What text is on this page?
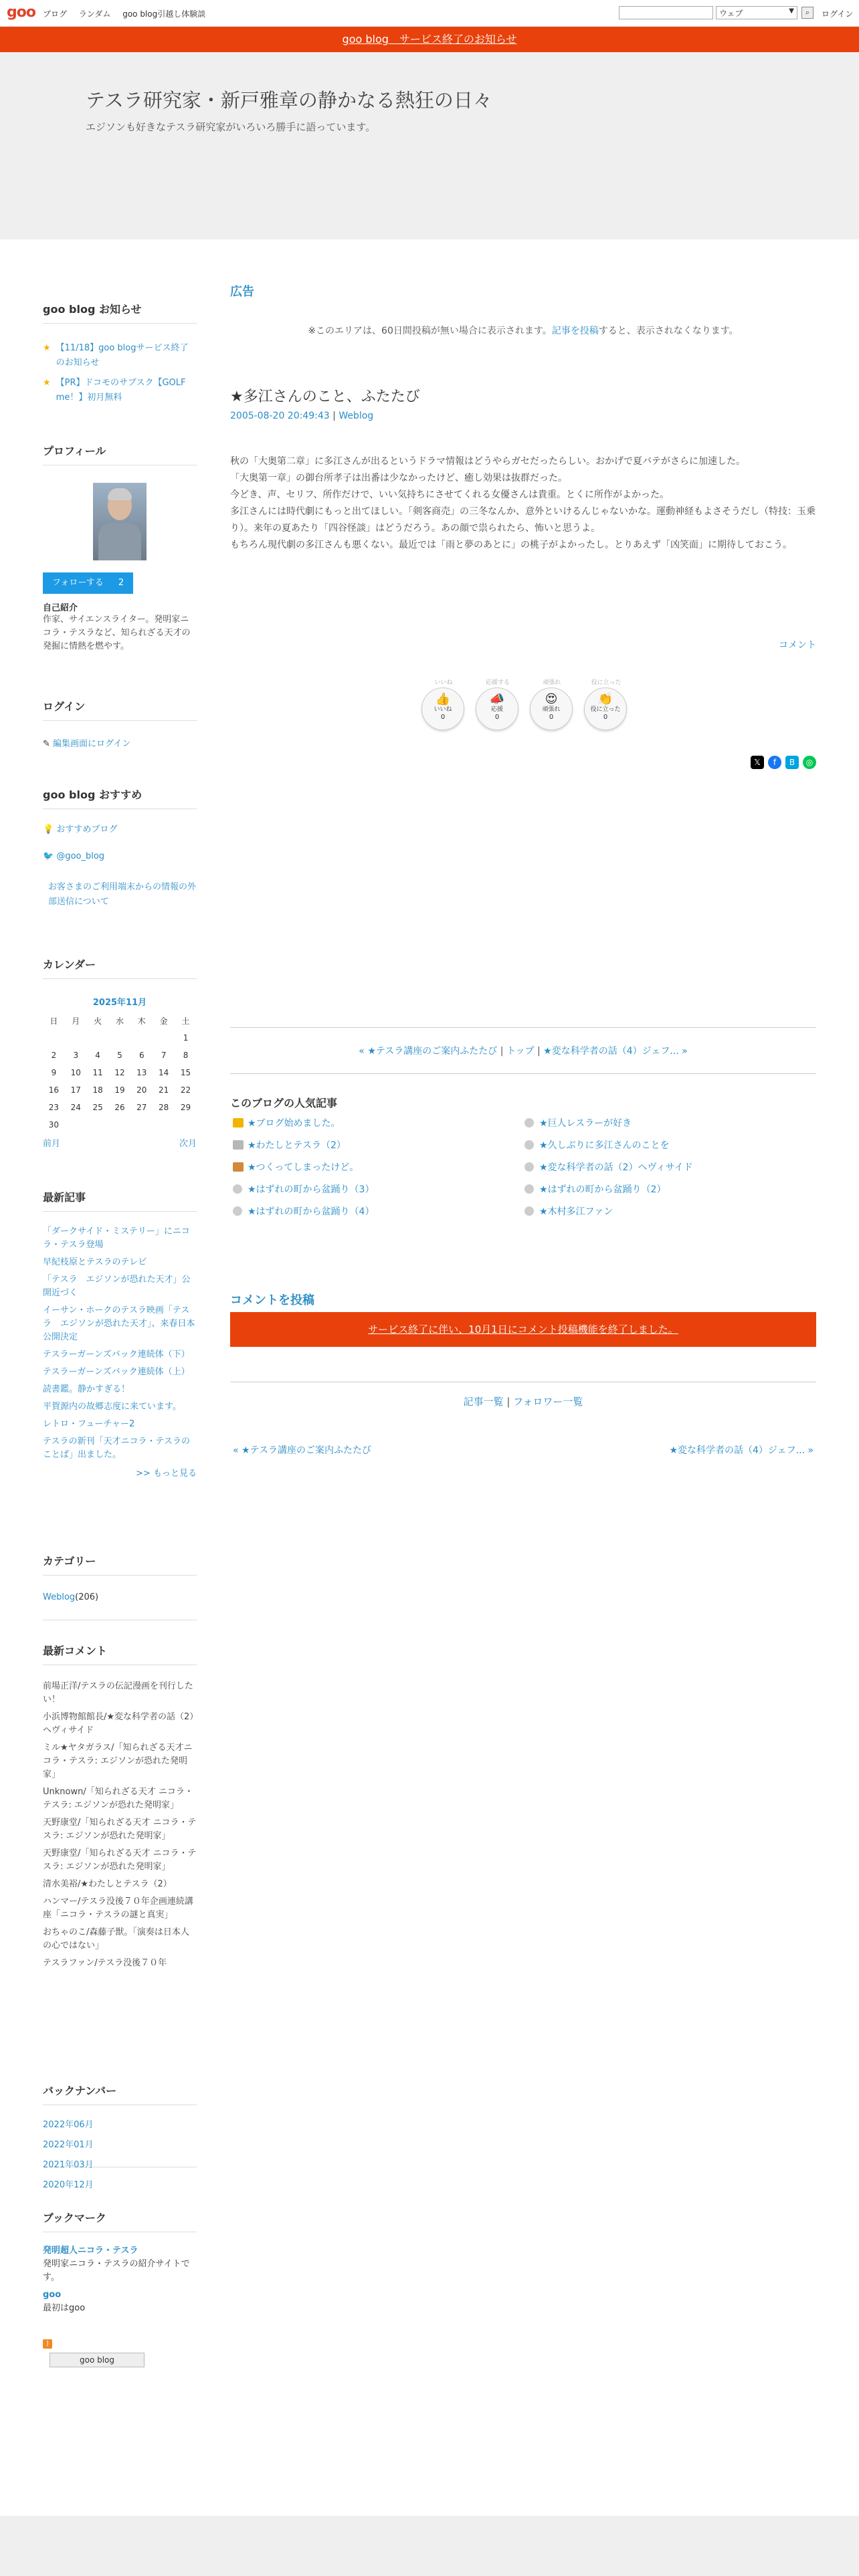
goo ブログ ランダム goo blog引越し体験談	ウェブ	▼	⌕	ログイン
goo blog　サービス終了のお知らせ
テスラ研究家・新戸雅章の静かなる熱狂の日々
エジソンも好きなテスラ研究家がいろいろ勝手に語っています。
goo blog お知らせ
★ 【11/18】goo blogサービス終了のお知らせ
★ 【PR】ドコモのサブスク【GOLF me！】初月無料
プロフィール
フォローする 2
自己紹介
作家、サイエンスライター。発明家ニコラ・テスラなど、知られざる天才の発掘に情熱を燃やす。
ログイン
✎ 編集画面にログイン
goo blog おすすめ
💡 おすすめブログ
🐦 @goo_blog
お客さまのご利用端末からの情報の外部送信について
カレンダー
2025年11月
日	月	火	水	木	金	土
						1
2	3	4	5	6	7	8
9	10	11	12	13	14	15
16	17	18	19	20	21	22
23	24	25	26	27	28	29
30						
前月	次月
最新記事
「ダークサイド・ミステリー」にニコラ・テスラ登場
早紀枝原とテスラのテレビ
「テスラ　エジソンが恐れた天才」公開近づく
イーサン・ホークのテスラ映画「テスラ　エジソンが恐れた天才」、来春日本公開決定
テスラーガーンズバック連続体（下）
テスラーガーンズバック連続体（上）
読書鑑。静かすぎる！
平賀源内の故郷志度に来ています。
レトロ・フューチャー2
テスラの新刊「天才ニコラ・テスラのことば」出ました。
>> もっと見る
カテゴリー
Weblog(206)
最新コメント
前場正洋/テスラの伝記漫画を刊行したい！
小浜博物館館長/★変な科学者の話（2）ヘヴィサイド
ミル★ヤタガラス/「知られざる天才ニコラ・テスラ: エジソンが恐れた発明家」
Unknown/「知られざる天才 ニコラ・テスラ: エジソンが恐れた発明家」
天野康堂/「知られざる天才 ニコラ・テスラ: エジソンが恐れた発明家」
天野康堂/「知られざる天才 ニコラ・テスラ: エジソンが恐れた発明家」
清水美裕/★わたしとテスラ（2）
ハンマー/テスラ没後７０年企画連続講座「ニコラ・テスラの謎と真実」
おちゃのこ/森藤子獣。「演奏は日本人の心ではない」
テスラファン/テスラ没後７０年
バックナンバー
2022年06月
2022年01月
2021年03月
2020年12月
ブックマーク
発明超人ニコラ・テスラ
発明家ニコラ・テスラの紹介サイトです。
goo
最初はgoo
)
goo blog
広告
※このエリアは、60日間投稿が無い場合に表示されます。記事を投稿すると、表示されなくなります。
★多江さんのこと、ふたたび
2005-08-20 20:49:43 | Weblog

秋の「大奥第二章」に多江さんが出るというドラマ情報はどうやらガセだったらしい。おかげで夏バテがさらに加速した。

「大奥第一章」の御台所孝子は出番は少なかったけど、癒し効果は抜群だった。

今どき、声、セリフ、所作だけで、いい気持ちにさせてくれる女優さんは貴重。とくに所作がよかった。

多江さんには時代劇にもっと出てほしい。「剣客商売」の三冬なんか、意外といけるんじゃないかな。運動神経もよさそうだし（特技：玉乗り）。来年の夏あたり「四谷怪談」はどうだろう。あの顔で祟られたら、怖いと思うよ。

もちろん現代劇の多江さんも悪くない。最近では「雨と夢のあとに」の桃子がよかったし。とりあえず「凶笑面」に期待しておこう。

コメント
いいね
👍
いいね
0
応援する
📣
応援
0
頑張れ
😍
頑張れ
0
役に立った
👏
役に立った
0
𝕏	f	B	◎
« ★テスラ講座のご案内ふたたび | トップ | ★変な科学者の話（4）ジェフ... »
このブログの人気記事
★ブログ始めました。
★わたしとテスラ（2）
★つくってしまったけど。
★はずれの町から盆踊り（3）
★はずれの町から盆踊り（4）
★巨人レスラーが好き
★久しぶりに多江さんのことを
★変な科学者の話（2）ヘヴィサイド
★はずれの町から盆踊り（2）
★木村多江ファン
コメントを投稿
サービス終了に伴い、10月1日にコメント投稿機能を終了しました。
記事一覧 | フォロワー一覧
« ★テスラ講座のご案内ふたたび	★変な科学者の話（4）ジェフ... »
